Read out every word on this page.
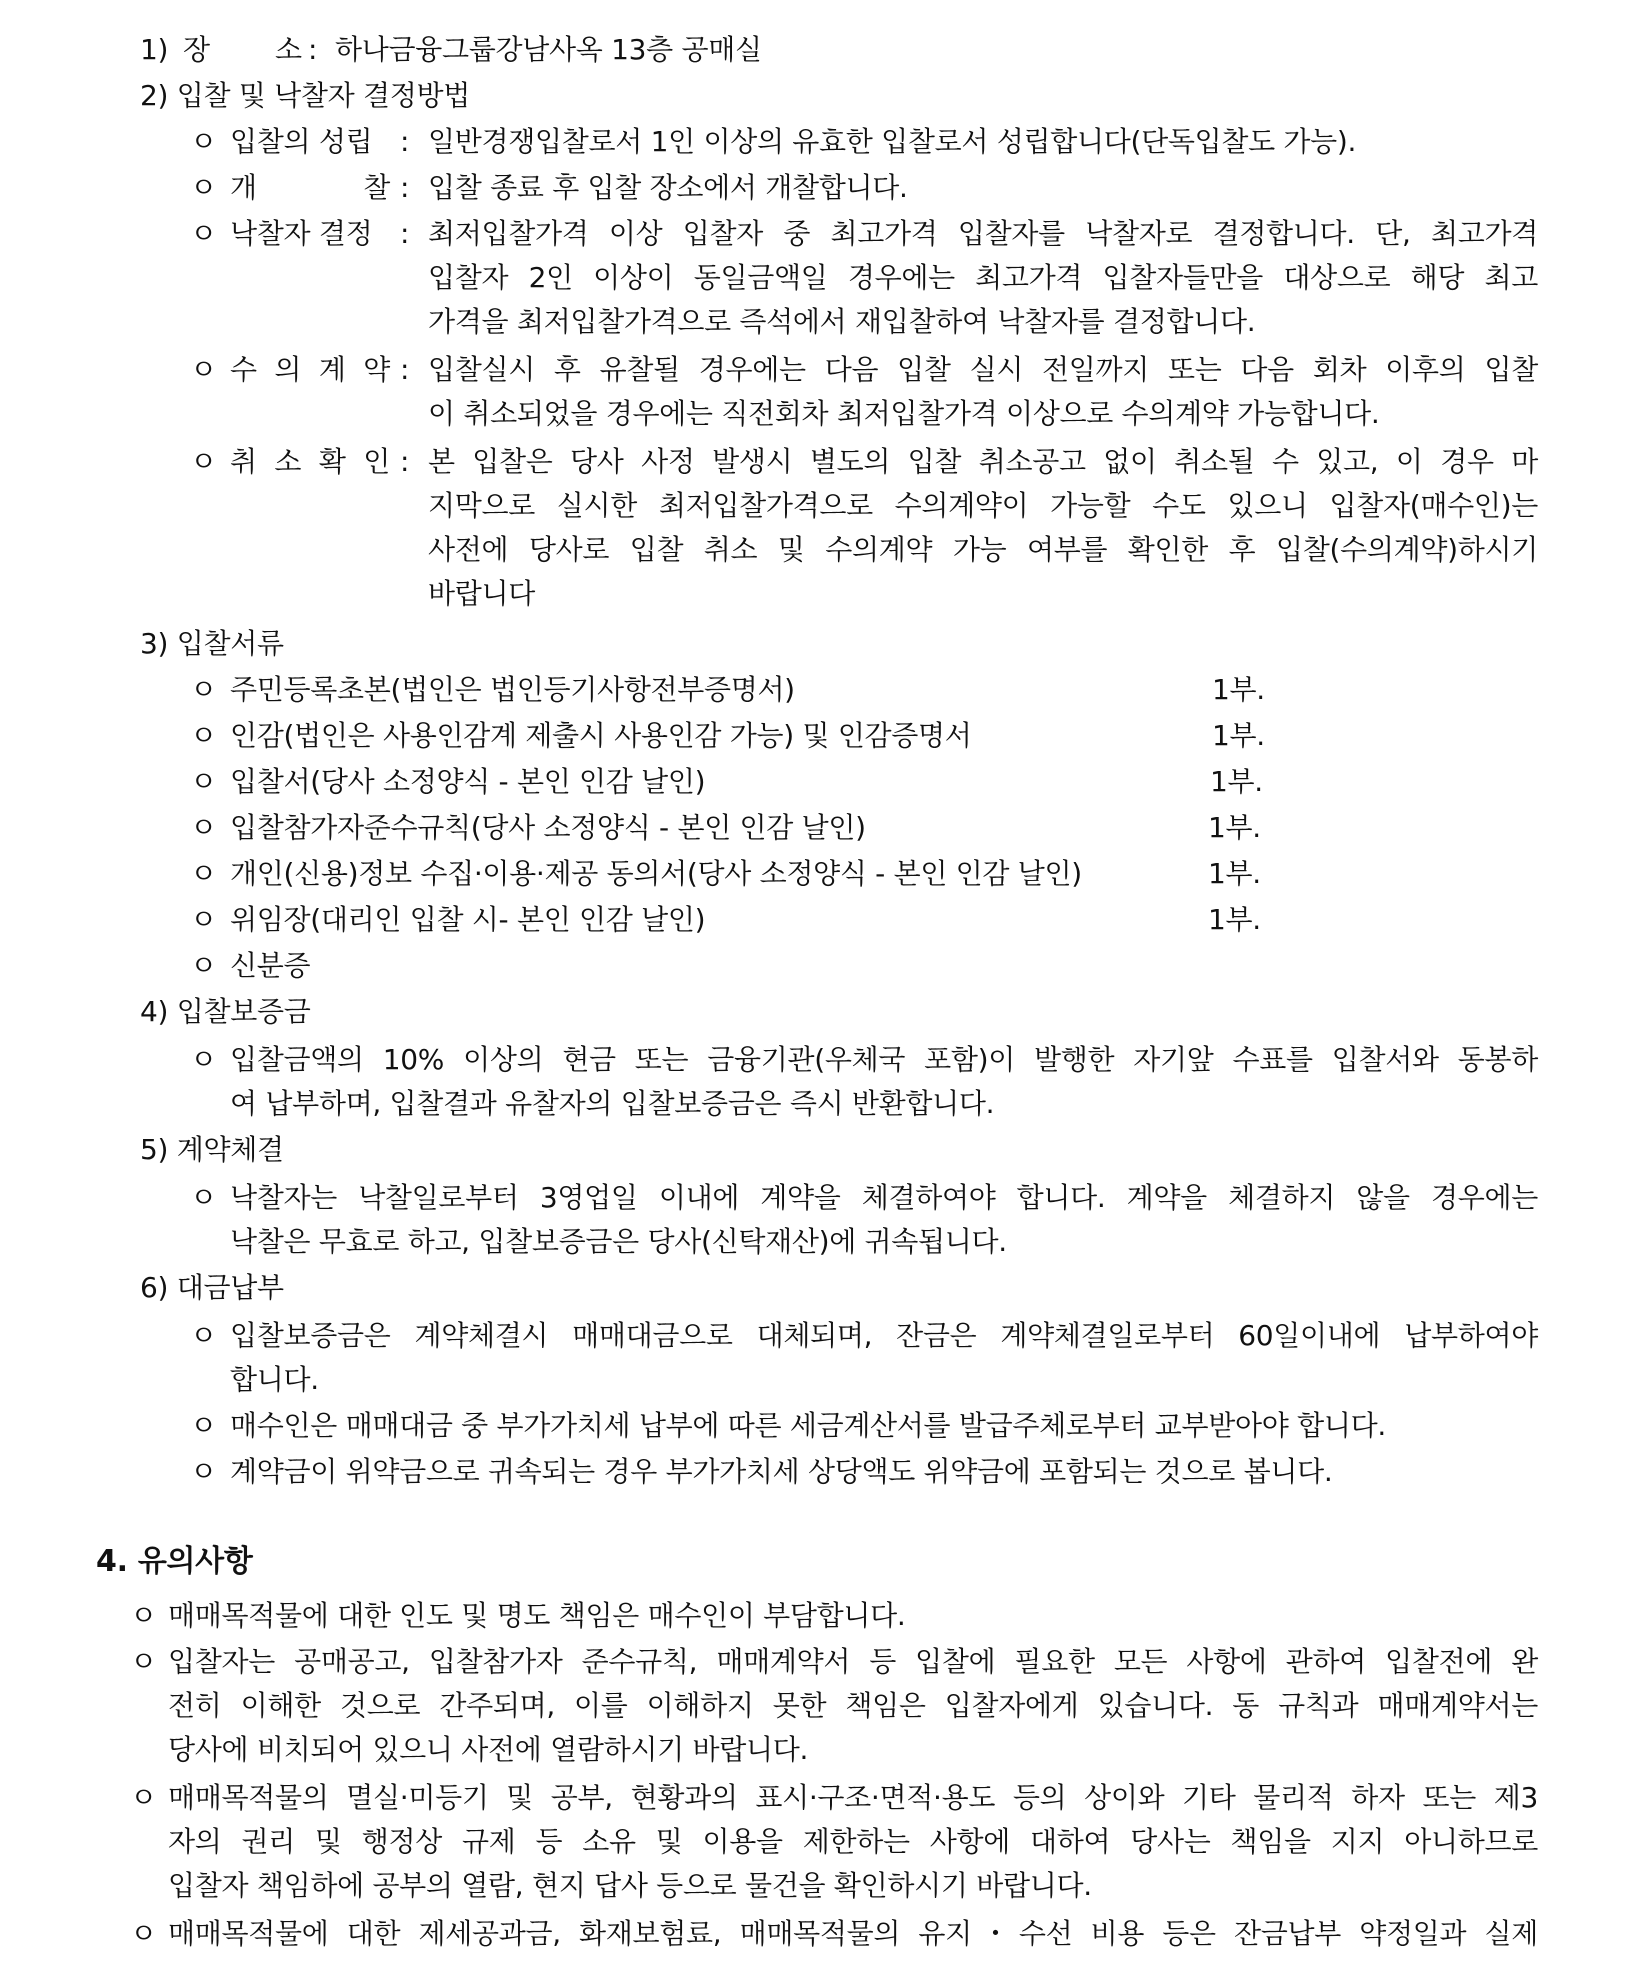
1) 장 소 : 하나금융그룹강남사옥 13층 공매실
2) 입찰 및 낙찰자 결정방법
ㅇ 입찰의 성립 : 일반경쟁입찰로서 1인 이상의 유효한 입찰로서 성립합니다(단독입찰도 가능).
ㅇ 개	찰 : 입찰 종료 후 입찰 장소에서 개찰합니다.
ㅇ 낙찰자 결정 : 최저입찰가격 이상 입찰자 중 최고가격 입찰자를 낙찰자로 결정합니다. 단, 최고가격
입찰자 2인 이상이 동일금액일 경우에는 최고가격 입찰자들만을 대상으로 해당 최고
가격을 최저입찰가격으로 즉석에서 재입찰하여 낙찰자를 결정합니다.
ㅇ 수 의 계 약 : 입찰실시 후 유찰될 경우에는 다음 입찰 실시 전일까지 또는 다음 회차 이후의 입찰
이 취소되었을 경우에는 직전회차 최저입찰가격 이상으로 수의계약 가능합니다.
ㅇ 취 소 확 인 : 본 입찰은 당사 사정 발생시 별도의 입찰 취소공고 없이 취소될 수 있고, 이 경우 마
지막으로 실시한 최저입찰가격으로 수의계약이 가능할 수도 있으니 입찰자(매수인)는
사전에 당사로 입찰 취소 및 수의계약 가능 여부를 확인한 후 입찰(수의계약)하시기
바랍니다
3) 입찰서류
ㅇ 주민등록초본(법인은 법인등기사항전부증명서)	1부.
ㅇ 인감(법인은 사용인감계 제출시 사용인감 가능) 및 인감증명서	1부.
ㅇ 입찰서(당사 소정양식 - 본인 인감 날인)	1부.
ㅇ 입찰참가자준수규칙(당사 소정양식 - 본인 인감 날인)	1부.
ㅇ 개인(신용)정보 수집·이용·제공 동의서(당사 소정양식 - 본인 인감 날인)	1부.
ㅇ 위임장(대리인 입찰 시- 본인 인감 날인)	1부.
ㅇ 신분증
4) 입찰보증금
ㅇ 입찰금액의 10% 이상의 현금 또는 금융기관(우체국 포함)이 발행한 자기앞 수표를 입찰서와 동봉하
여 납부하며, 입찰결과 유찰자의 입찰보증금은 즉시 반환합니다.
5) 계약체결
ㅇ 낙찰자는 낙찰일로부터 3영업일 이내에 계약을 체결하여야 합니다. 계약을 체결하지 않을 경우에는
낙찰은 무효로 하고, 입찰보증금은 당사(신탁재산)에 귀속됩니다.
6) 대금납부
ㅇ 입찰보증금은 계약체결시 매매대금으로 대체되며, 잔금은 계약체결일로부터 60일이내에 납부하여야
합니다.
ㅇ 매수인은 매매대금 중 부가가치세 납부에 따른 세금계산서를 발급주체로부터 교부받아야 합니다.
ㅇ 계약금이 위약금으로 귀속되는 경우 부가가치세 상당액도 위약금에 포함되는 것으로 봅니다.
4. 유의사항
ㅇ 매매목적물에 대한 인도 및 명도 책임은 매수인이 부담합니다.
ㅇ 입찰자는 공매공고, 입찰참가자 준수규칙, 매매계약서 등 입찰에 필요한 모든 사항에 관하여 입찰전에 완
전히 이해한 것으로 간주되며, 이를 이해하지 못한 책임은 입찰자에게 있습니다. 동 규칙과 매매계약서는
당사에 비치되어 있으니 사전에 열람하시기 바랍니다.
ㅇ 매매목적물의 멸실·미등기 및 공부, 현황과의 표시·구조·면적·용도 등의 상이와 기타 물리적 하자 또는 제3
자의 권리 및 행정상 규제 등 소유 및 이용을 제한하는 사항에 대하여 당사는 책임을 지지 아니하므로
입찰자 책임하에 공부의 열람, 현지 답사 등으로 물건을 확인하시기 바랍니다.
ㅇ 매매목적물에 대한 제세공과금, 화재보험료, 매매목적물의 유지・수선 비용 등은 잔금납부 약정일과 실제
